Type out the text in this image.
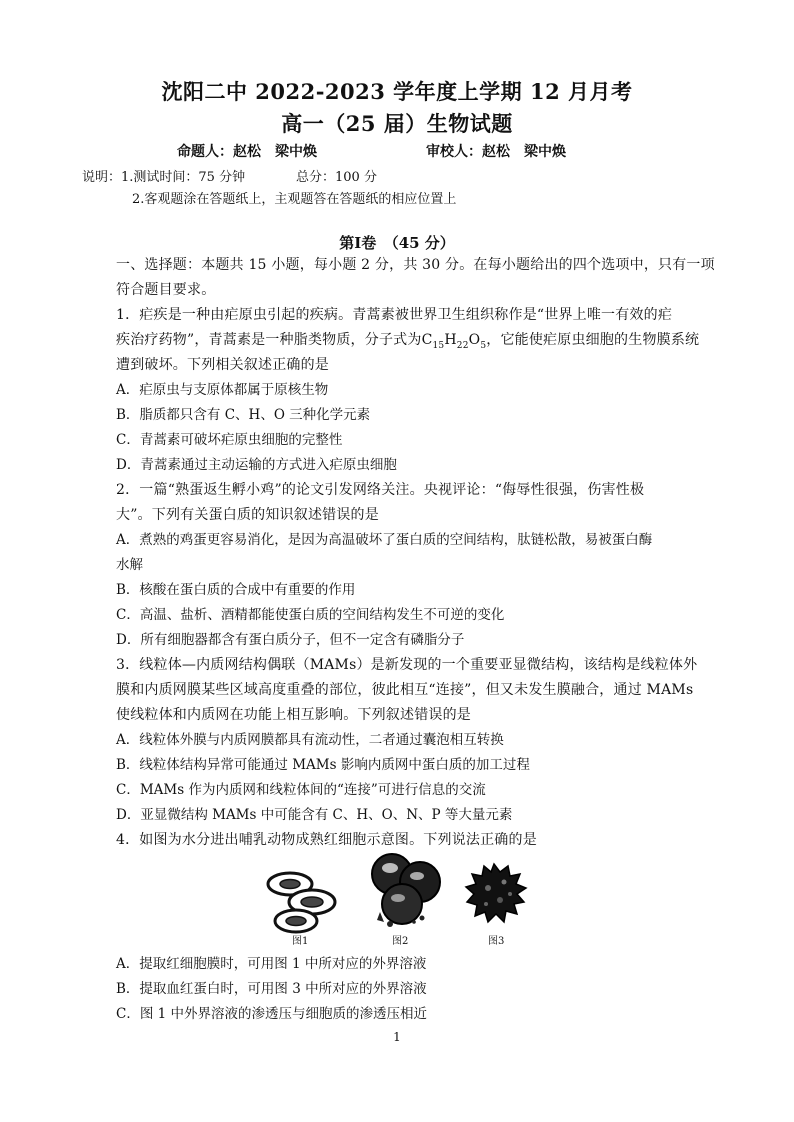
沈阳二中 2022-2023 学年度上学期 12 月月考
高一（25 届）生物试题
命题人：赵松　梁中焕	审校人：赵松　梁中焕
说明：1.测试时间：75 分钟	总分：100 分
2.客观题涂在答题纸上，主观题答在答题纸的相应位置上
第Ⅰ卷　（45 分）
一、选择题：本题共 15 小题，每小题 2 分，共 30 分。在每小题给出的四个选项中，只有一项
符合题目要求。
1．疟疾是一种由疟原虫引起的疾病。青蒿素被世界卫生组织称作是“世界上唯一有效的疟
疾治疗药物”，青蒿素是一种脂类物质，分子式为$C_{15}H_{22}O_5$，它能使疟原虫细胞的生物膜系统
遭到破坏。下列相关叙述正确的是
A．疟原虫与支原体都属于原核生物
B．脂质都只含有 C、H、O 三种化学元素
C．青蒿素可破坏疟原虫细胞的完整性
D．青蒿素通过主动运输的方式进入疟原虫细胞
2．一篇“熟蛋返生孵小鸡”的论文引发网络关注。央视评论：“侮辱性很强，伤害性极
大”。下列有关蛋白质的知识叙述错误的是
A．煮熟的鸡蛋更容易消化，是因为高温破坏了蛋白质的空间结构，肽链松散，易被蛋白酶
水解
B．核酸在蛋白质的合成中有重要的作用
C．高温、盐析、酒精都能使蛋白质的空间结构发生不可逆的变化
D．所有细胞器都含有蛋白质分子，但不一定含有磷脂分子
3．线粒体—内质网结构偶联（MAMs）是新发现的一个重要亚显微结构，该结构是线粒体外
膜和内质网膜某些区域高度重叠的部位，彼此相互“连接”，但又未发生膜融合，通过 MAMs
使线粒体和内质网在功能上相互影响。下列叙述错误的是
A．线粒体外膜与内质网膜都具有流动性，二者通过囊泡相互转换
B．线粒体结构异常可能通过 MAMs 影响内质网中蛋白质的加工过程
C．MAMs 作为内质网和线粒体间的“连接”可进行信息的交流
D．亚显微结构 MAMs 中可能含有 C、H、O、N、P 等大量元素
4．如图为水分进出哺乳动物成熟红细胞示意图。下列说法正确的是
图1	图2	图3
A．提取红细胞膜时，可用图 1 中所对应的外界溶液
B．提取血红蛋白时，可用图 3 中所对应的外界溶液
C．图 1 中外界溶液的渗透压与细胞质的渗透压相近
1
